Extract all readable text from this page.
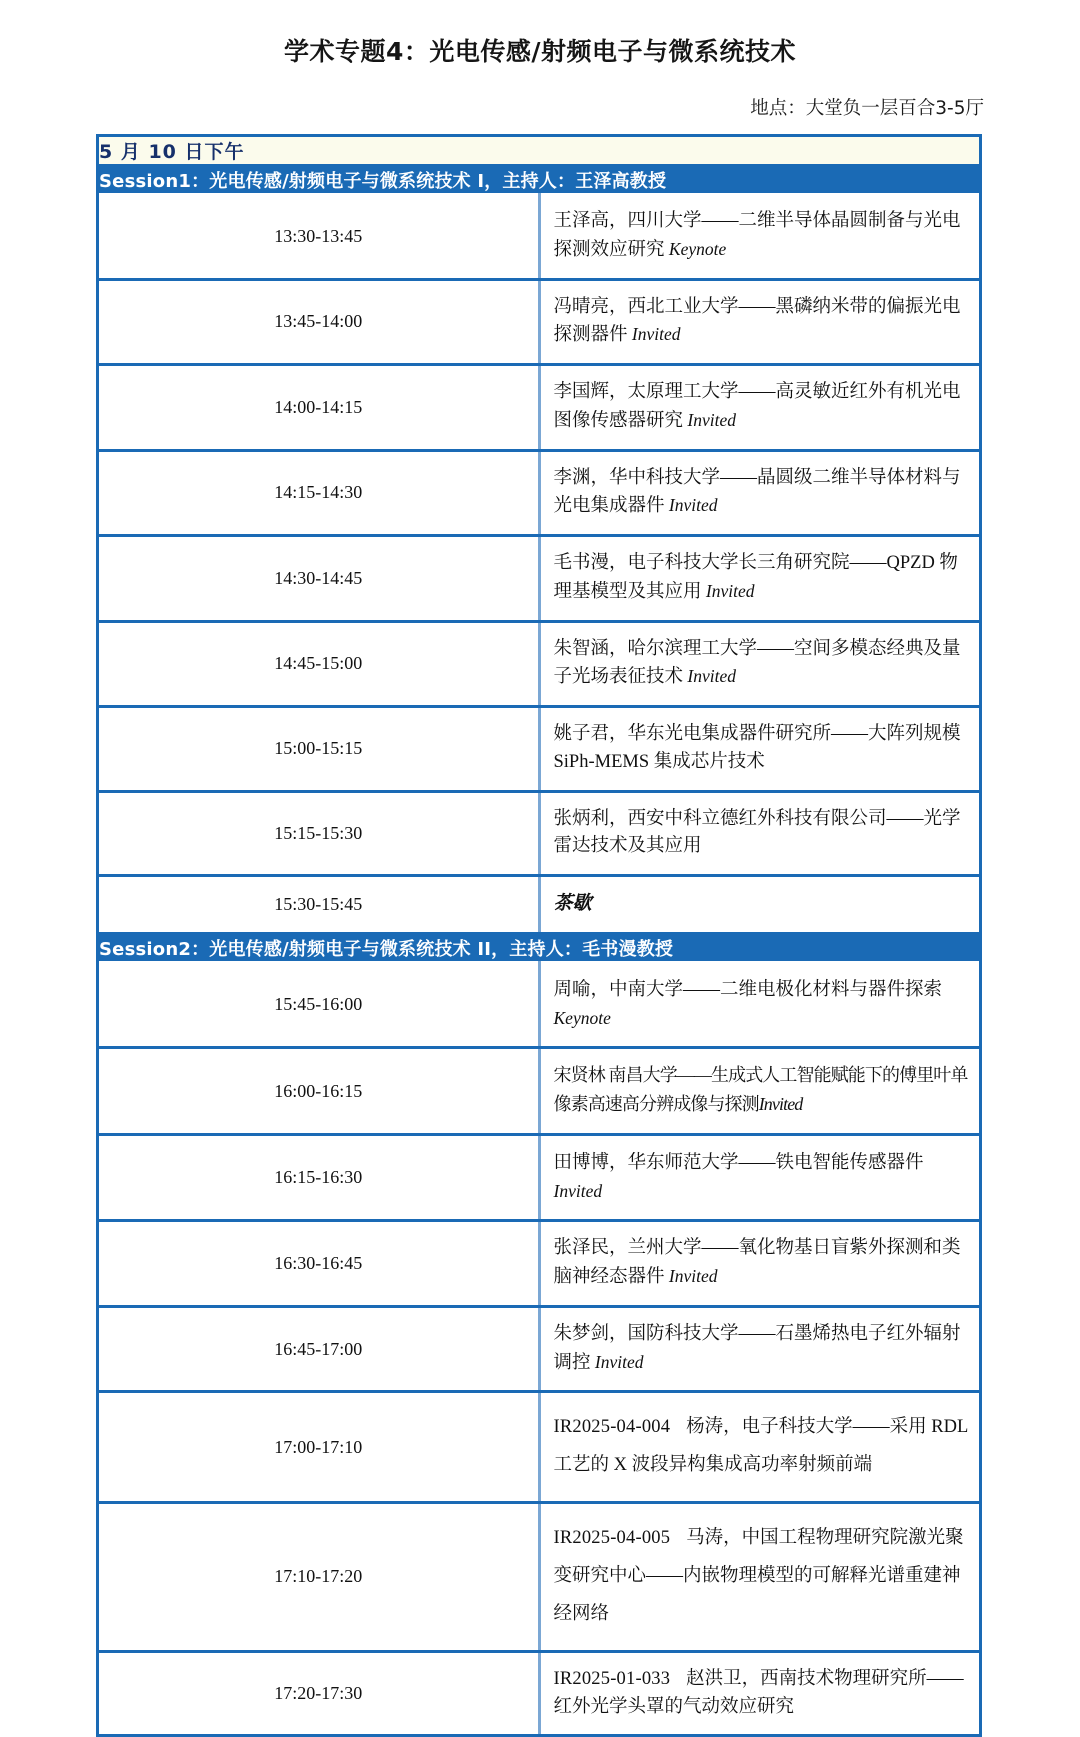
学术专题4：光电传感/射频电子与微系统技术
地点：大堂负一层百合3-5厅
5 月 10 日下午	
Session1：光电传感/射频电子与微系统技术 I，主持人：王泽高教授	
13:30-13:45	王泽高，四川大学——二维半导体晶圆制备与光电探测效应研究 Keynote
13:45-14:00	冯晴亮，西北工业大学——黑磷纳米带的偏振光电探测器件 Invited
14:00-14:15	李国辉，太原理工大学——高灵敏近红外有机光电图像传感器研究 Invited
14:15-14:30	李渊，华中科技大学——晶圆级二维半导体材料与光电集成器件 Invited
14:30-14:45	毛书漫，电子科技大学长三角研究院——QPZD 物理基模型及其应用 Invited
14:45-15:00	朱智涵，哈尔滨理工大学——空间多模态经典及量子光场表征技术 Invited
15:00-15:15	姚子君，华东光电集成器件研究所——大阵列规模 SiPh-MEMS 集成芯片技术
15:15-15:30	张炳利，西安中科立德红外科技有限公司——光学雷达技术及其应用
15:30-15:45	茶歇
Session2：光电传感/射频电子与微系统技术 II，主持人：毛书漫教授	
15:45-16:00	周喻，中南大学——二维电极化材料与器件探索 Keynote
16:00-16:15	宋贤林 南昌大学——生成式人工智能赋能下的傅里叶单像素高速高分辨成像与探测Invited
16:15-16:30	田博博，华东师范大学——铁电智能传感器件 Invited
16:30-16:45	张泽民，兰州大学——氧化物基日盲紫外探测和类脑神经态器件 Invited
16:45-17:00	朱梦剑，国防科技大学——石墨烯热电子红外辐射调控 Invited
17:00-17:10	IR2025-04-004 杨涛，电子科技大学——采用 RDL 工艺的 X 波段异构集成高功率射频前端
17:10-17:20	IR2025-04-005 马涛，中国工程物理研究院激光聚变研究中心——内嵌物理模型的可解释光谱重建神经网络
17:20-17:30	IR2025-01-033 赵洪卫，西南技术物理研究所——红外光学头罩的气动效应研究
